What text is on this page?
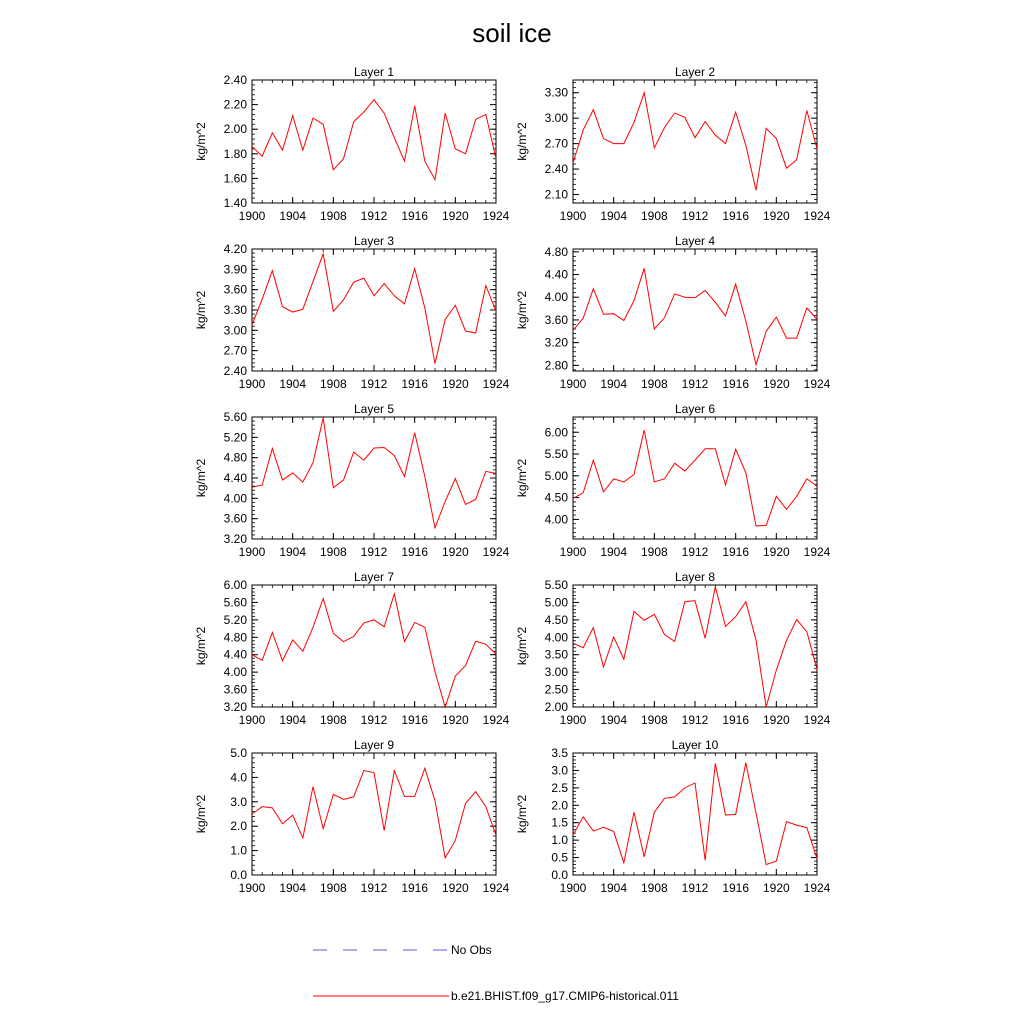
soil ice
Layer 1
kg/m^2
1900 1904 1908 1912 1916 1920 1924
1.40
1.60
1.80
2.00
2.20
2.40
Layer 2
kg/m^2
1900 1904 1908 1912 1916 1920 1924
2.10
2.40
2.70
3.00
3.30
Layer 3
kg/m^2
1900 1904 1908 1912 1916 1920 1924
2.40
2.70
3.00
3.30
3.60
3.90
4.20
Layer 4
kg/m^2
1900 1904 1908 1912 1916 1920 1924
2.80
3.20
3.60
4.00
4.40
4.80
Layer 5
kg/m^2
1900 1904 1908 1912 1916 1920 1924
3.20
3.60
4.00
4.40
4.80
5.20
5.60
Layer 6
kg/m^2
1900 1904 1908 1912 1916 1920 1924
4.00
4.50
5.00
5.50
6.00
Layer 7
kg/m^2
1900 1904 1908 1912 1916 1920 1924
3.20
3.60
4.00
4.40
4.80
5.20
5.60
6.00
Layer 8
kg/m^2
1900 1904 1908 1912 1916 1920 1924
2.00
2.50
3.00
3.50
4.00
4.50
5.00
5.50
Layer 9
kg/m^2
1900 1904 1908 1912 1916 1920 1924
0.0
1.0
2.0
3.0
4.0
5.0
Layer 10
kg/m^2
1900 1904 1908 1912 1916 1920 1924
0.0
0.5
1.0
1.5
2.0
2.5
3.0
3.5
No Obs
b.e21.BHIST.f09_g17.CMIP6-historical.011
